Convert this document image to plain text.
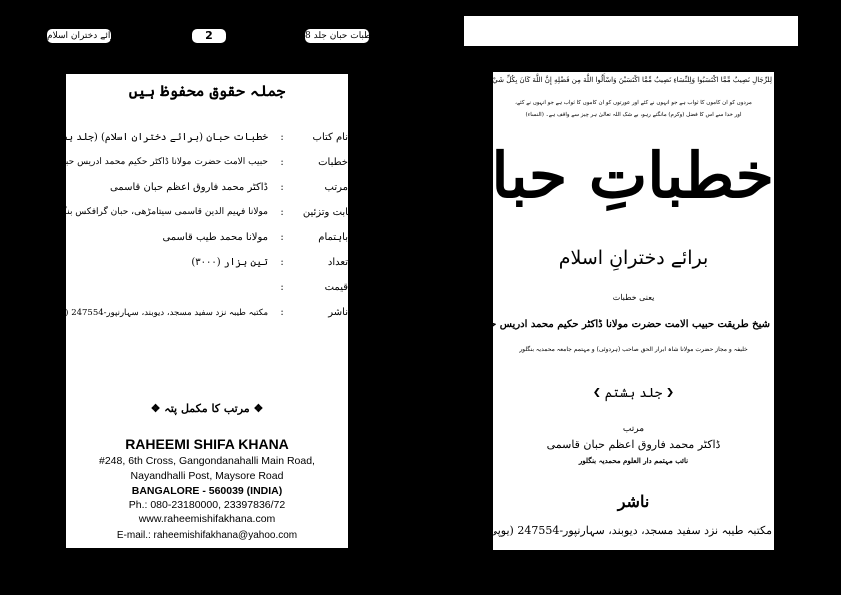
برائے دختران اسلام	2	خطبات حبان جلد 8
جملہ حقوق محفوظ ہیں
نام کتاب
:
خطبات حبان (برائے دختران اسلام) (جلد ہشتم)
خطبات
:
حبیب الامت حضرت مولانا ڈاکٹر حکیم محمد ادریس حبان رحیمی
مرتب
:
ڈاکٹر محمد فاروق اعظم حبان قاسمی
کتابت وتزئین
:
مولانا فہیم الدین قاسمی سیتامڑھی، حبان گرافکس بنگلور
باہتمام
:
مولانا محمد طیب قاسمی
تعداد
:
تین ہزار (۳۰۰۰)
قیمت
:
ناشر
:
مکتبہ طیبہ نزد سفید مسجد، دیوبند، سہارنپور-247554 (یوپی)
❖ مرتب کا مکمل پتہ ❖
RAHEEMI SHIFA KHANA
#248, 6th Cross, Gangondanahalli Main Road,
Nayandhalli Post, Maysore Road
BANGALORE - 560039 (INDIA)
Ph.: 080-23180000, 23397836/72
www.raheemishifakhana.com
E-mail.: raheemishifakhana@yahoo.com
لِلرِّجَالِ نَصِيبٌ مِّمَّا اكْتَسَبُوا وَلِلنِّسَاءِ نَصِيبٌ مِّمَّا اكْتَسَبْنَ وَاسْأَلُوا اللَّهَ مِن فَضْلِهِ إِنَّ اللَّهَ كَانَ بِكُلِّ شَيْءٍ عَلِيمًا
مردوں کو ان کاموں کا ثواب ہے جو انہوں نے کئے اور عورتوں کو ان کاموں کا ثواب ہے جو انہوں نے کئے،
اور خدا سے اس کا فضل (وکرم) مانگتے رہو، بے شک اللہ تعالیٰ ہر چیز سے واقف ہے۔ (النساء)
خطباتِ حبان
برائے دخترانِ اسلام
یعنی خطبات
شیخ طریقت حبیب الامت حضرت مولانا ڈاکٹر حکیم محمد ادریس حبان رحیمی چرتھاولی
خلیفہ و مجاز حضرت مولانا شاہ ابرار الحق صاحب (ہردوئی) و مہتمم جامعہ محمدیہ بنگلور
❮ جلد ہشتم ❯
مرتب
ڈاکٹر محمد فاروق اعظم حبان قاسمی
نائب مہتمم دار العلوم محمدیہ بنگلور
ناشر
مکتبہ طیبہ نزد سفید مسجد، دیوبند، سہارنپور-247554 (یوپی)
